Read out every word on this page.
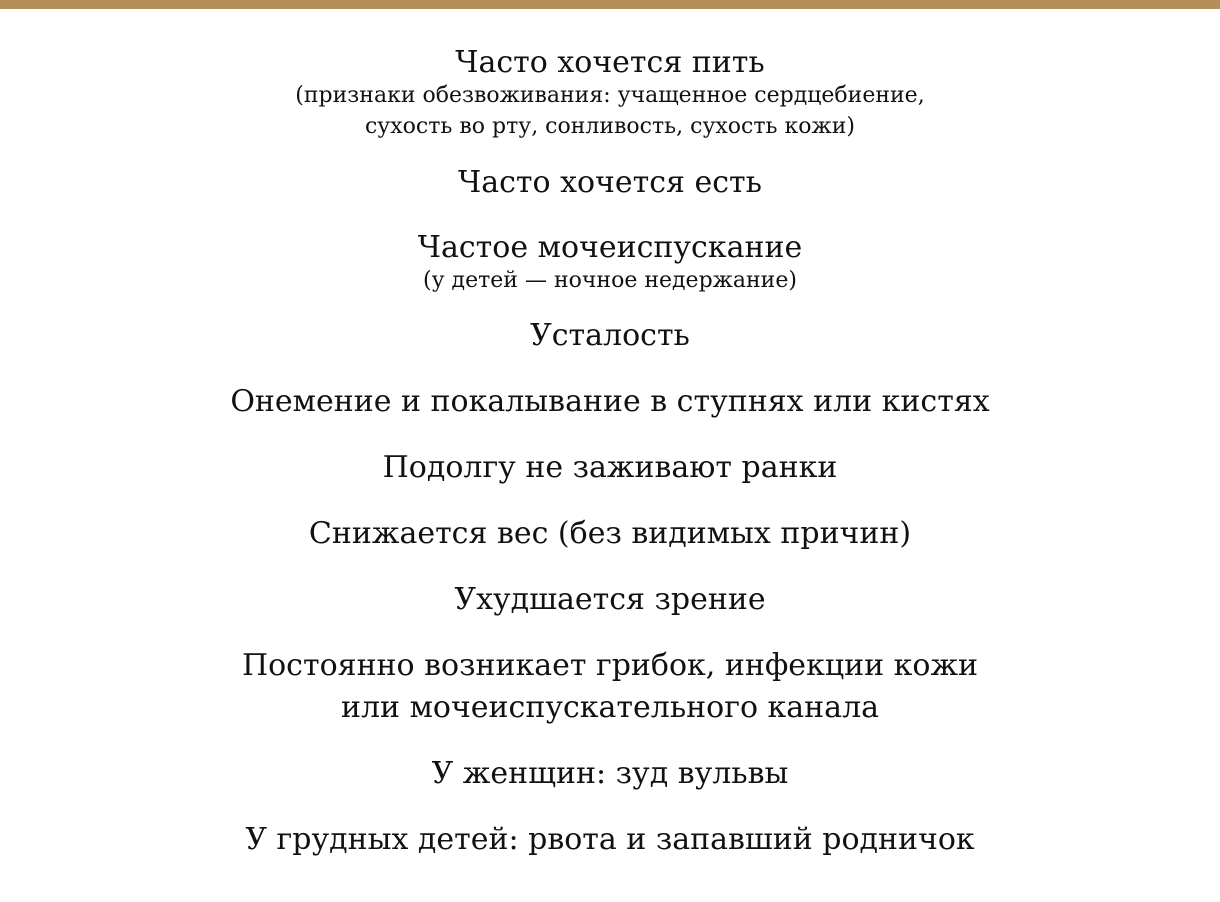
Часто хочется пить
(признаки обезвоживания: учащенное сердцебиение,
сухость во рту, сонливость, сухость кожи)
Часто хочется есть
Частое мочеиспускание
(у детей — ночное недержание)
Усталость
Онемение и покалывание в ступнях или кистях
Подолгу не заживают ранки
Снижается вес (без видимых причин)
Ухудшается зрение
Постоянно возникает грибок, инфекции кожи
или мочеиспускательного канала
У женщин: зуд вульвы
У грудных детей: рвота и запавший родничок
